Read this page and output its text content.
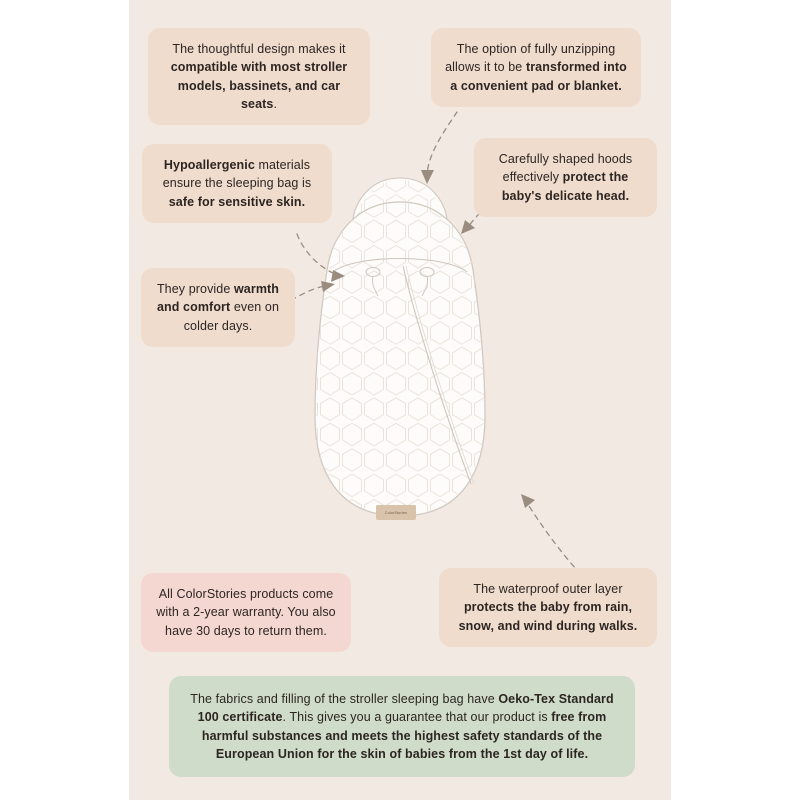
ColorStories
The thoughtful design makes it compatible with most stroller models, bassinets, and car seats.
The option of fully unzipping allows it to be transformed into a convenient pad or blanket.
Hypoallergenic materials ensure the sleeping bag is safe for sensitive skin.
Carefully shaped hoods effectively protect the baby's delicate head.
They provide warmth and comfort even on colder days.
All ColorStories products come with a 2-year warranty. You also have 30 days to return them.
The waterproof outer layer protects the baby from rain, snow, and wind during walks.
The fabrics and filling of the stroller sleeping bag have Oeko-Tex Standard 100 certificate. This gives you a guarantee that our product is free from harmful substances and meets the highest safety standards of the European Union for the skin of babies from the 1st day of life.
